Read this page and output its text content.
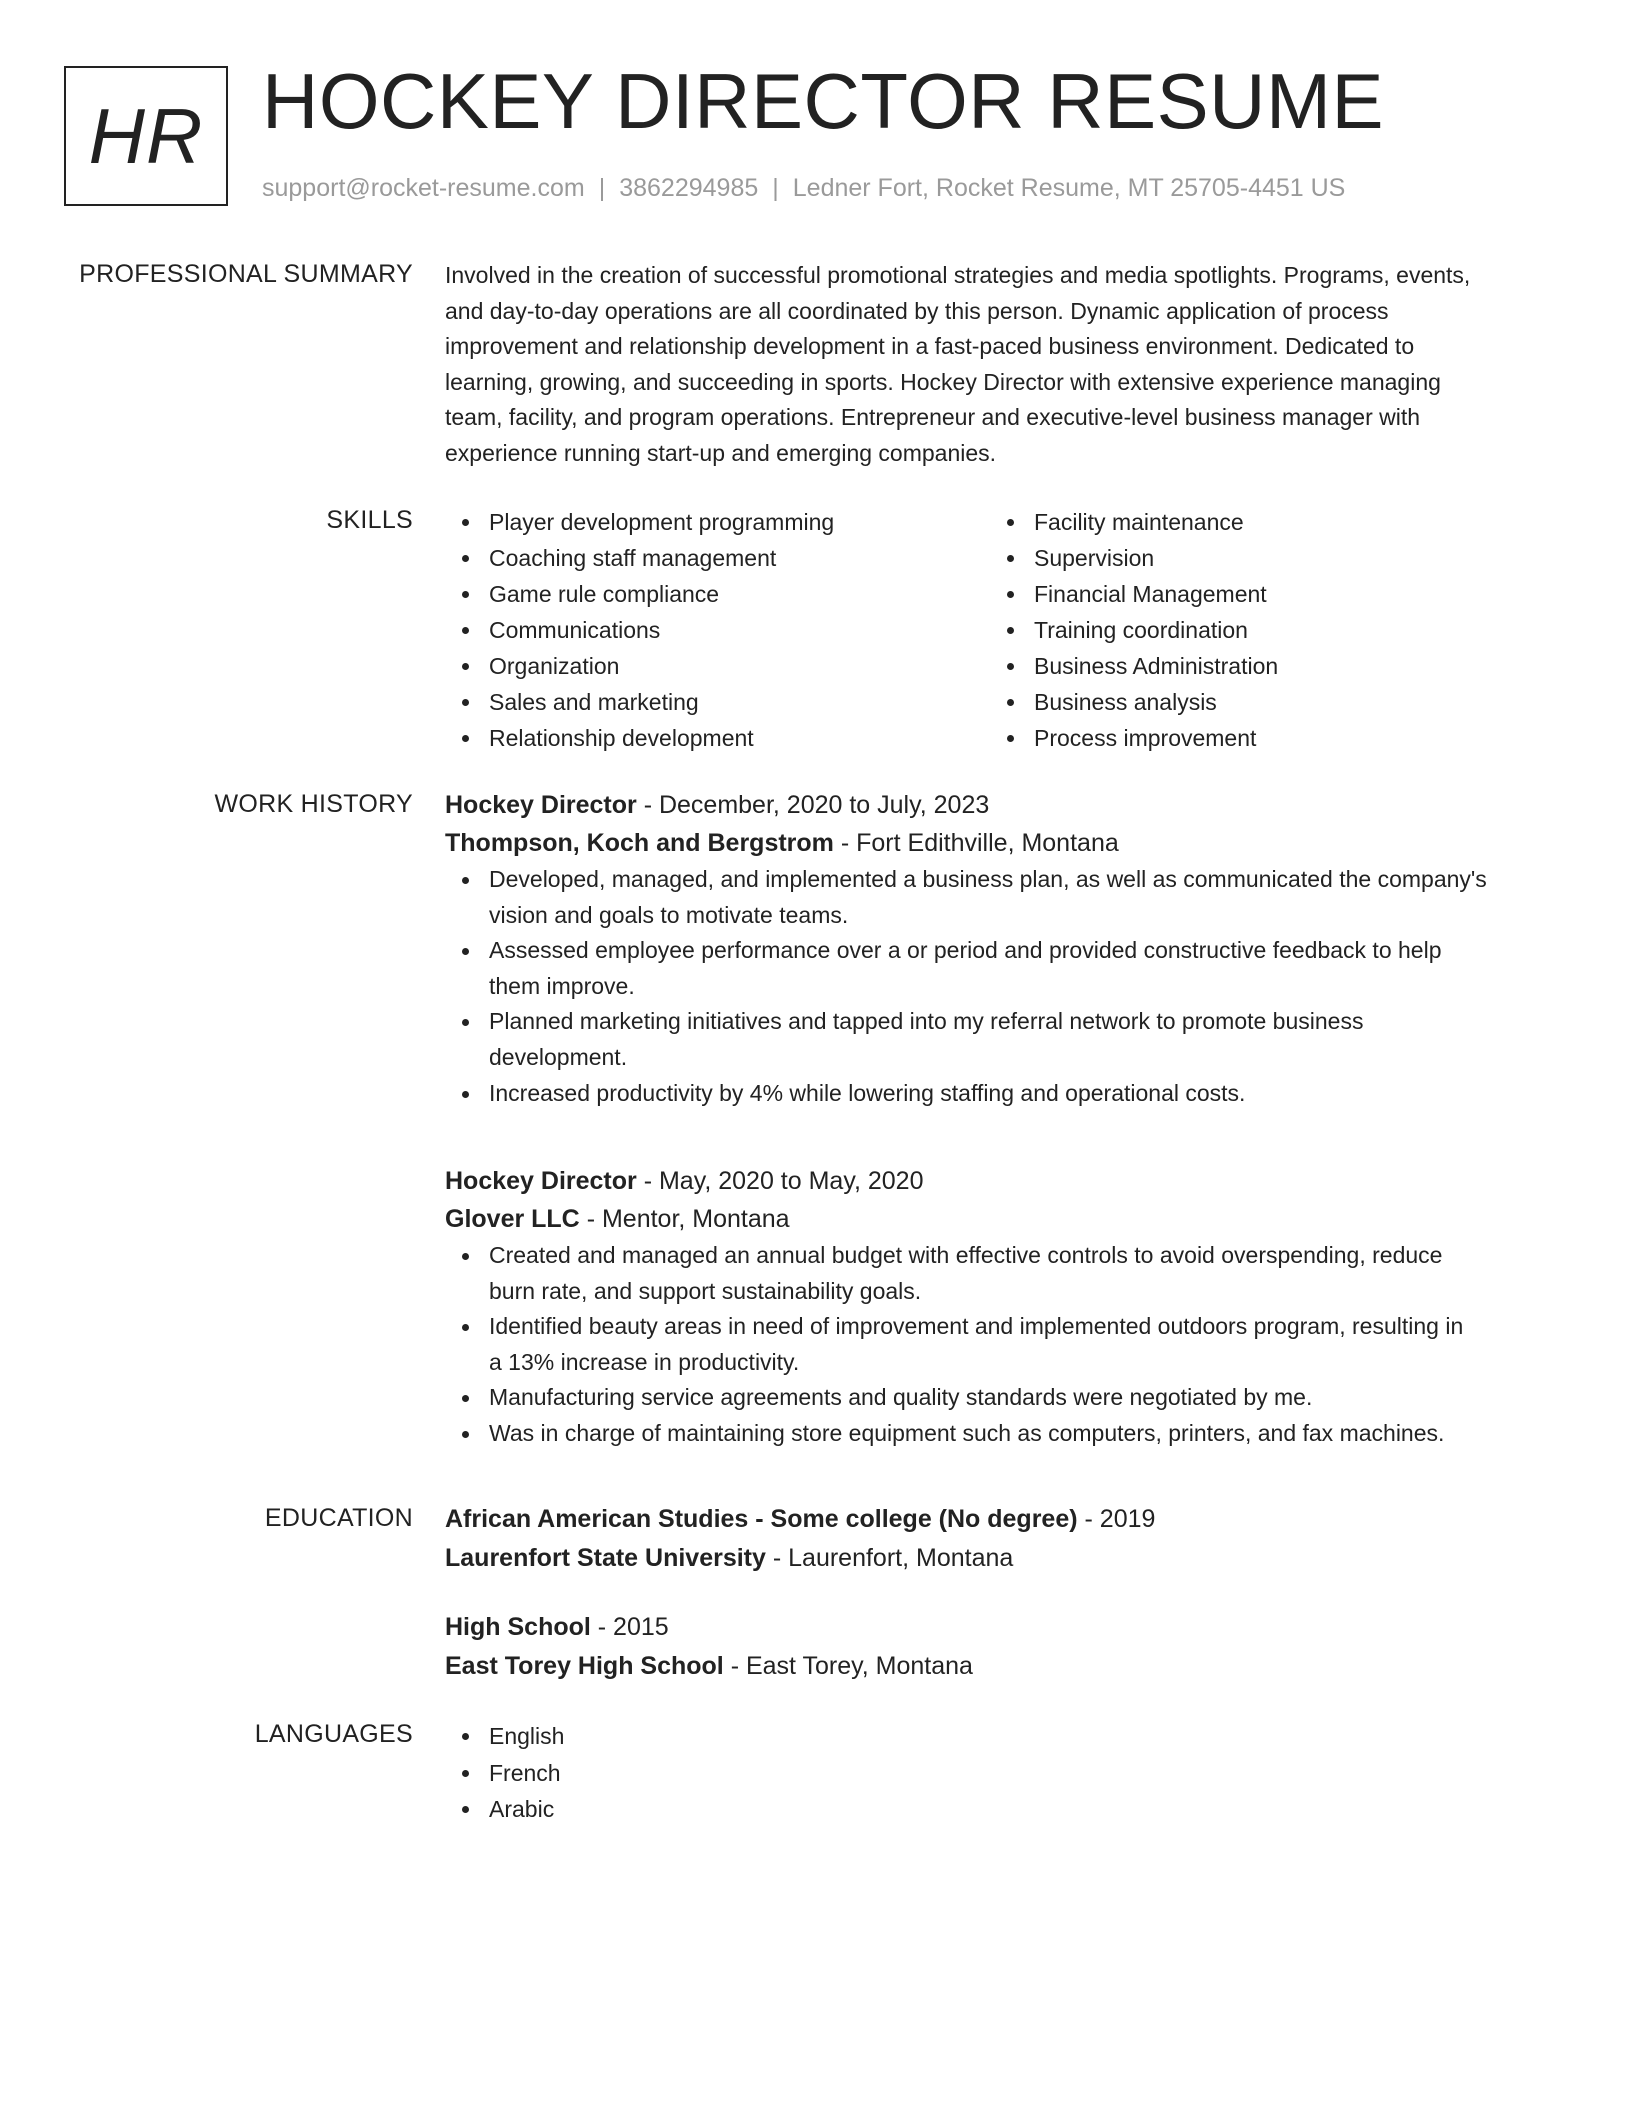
HR HOCKEY DIRECTOR RESUME
support@rocket-resume.com | 3862294985 | Ledner Fort, Rocket Resume, MT 25705-4451 US
PROFESSIONAL SUMMARY Involved in the creation of successful promotional strategies and media spotlights. Programs, events,
and day-to-day operations are all coordinated by this person. Dynamic application of process
improvement and relationship development in a fast-paced business environment. Dedicated to
learning, growing, and succeeding in sports. Hockey Director with extensive experience managing
team, facility, and program operations. Entrepreneur and executive-level business manager with
experience running start-up and emerging companies.

SKILLS	Player development programming
Coaching staff management
Game rule compliance
Communications
Organization
Sales and marketing
Relationship development
Facility maintenance
Supervision
Financial Management
Training coordination
Business Administration
Business analysis
Process improvement
WORK HISTORY Hockey Director - December, 2020 to July, 2023
Thompson, Koch and Bergstrom - Fort Edithville, Montana
Developed, managed, and implemented a business plan, as well as communicated the company's
vision and goals to motivate teams.
Assessed employee performance over a or period and provided constructive feedback to help
them improve.
Planned marketing initiatives and tapped into my referral network to promote business
development.
Increased productivity by 4% while lowering staffing and operational costs.
Hockey Director - May, 2020 to May, 2020
Glover LLC - Mentor, Montana
Created and managed an annual budget with effective controls to avoid overspending, reduce
burn rate, and support sustainability goals.
Identified beauty areas in need of improvement and implemented outdoors program, resulting in
a 13% increase in productivity.
Manufacturing service agreements and quality standards were negotiated by me.
Was in charge of maintaining store equipment such as computers, printers, and fax machines.
EDUCATION African American Studies - Some college (No degree) - 2019
Laurenfort State University - Laurenfort, Montana
High School - 2015
East Torey High School - East Torey, Montana
LANGUAGES	English
French
Arabic
